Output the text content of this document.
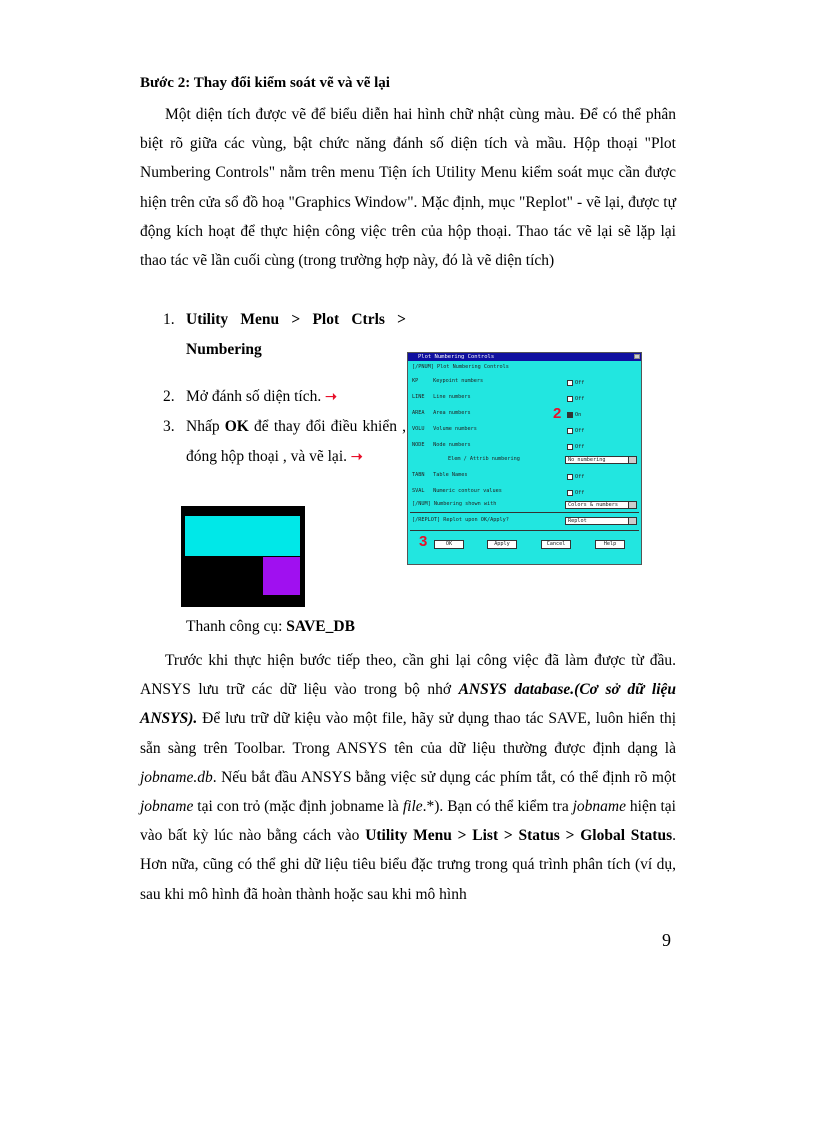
Bước 2: Thay đổi kiểm soát vẽ và vẽ lại

Một diện tích được vẽ để biểu diễn hai hình chữ nhật cùng màu. Để có thể phân biệt rõ giữa các vùng, bật chức năng đánh số diện tích và mầu. Hộp thoại "Plot Numbering Controls" nằm trên menu Tiện ích Utility Menu kiểm soát mục cần được hiện trên cửa sổ đồ hoạ "Graphics Window". Mặc định, mục "Replot" - vẽ lại, được tự động kích hoạt để thực hiện công việc trên của hộp thoại. Thao tác vẽ lại sẽ lặp lại thao tác vẽ lần cuối cùng (trong trường hợp này, đó là vẽ diện tích)

1. Utility Menu > Plot Ctrls > Numbering
2. Mở đánh số diện tích. ➝
3. Nhấp OK để thay đổi điều khiển , đóng hộp thoại , và vẽ lại. ➝
Plot Numbering Controls
[/PNUM] Plot Numbering Controls
KP	Keypoint numbers	Off
LINE Line numbers	Off
AREA Area numbers	On
2
VOLU Volume numbers	Off
NODE Node numbers	Off
Elem / Attrib numbering	No numbering
TABN Table Names	Off
SVAL Numeric contour values	Off
[/NUM] Numbering shown with	Colors & numbers
[/REPLOT] Replot upon OK/Apply?	Replot
3	OK	Apply	Cancel	Help
Thanh công cụ: SAVE_DB

Trước khi thực hiện bước tiếp theo, cần ghi lại công việc đã làm được từ đầu. ANSYS lưu trữ các dữ liệu vào trong bộ nhớ ANSYS database.(Cơ sở dữ liệu ANSYS). Để lưu trữ dữ kiệu vào một file, hãy sử dụng thao tác SAVE, luôn hiển thị sẵn sàng trên Toolbar. Trong ANSYS tên của dữ liệu thường được định dạng là jobname.db. Nếu bắt đầu ANSYS bằng việc sử dụng các phím tắt, có thể định rõ một jobname tại con trỏ (mặc định jobname là file.*). Bạn có thể kiểm tra jobname hiện tại vào bất kỳ lúc nào bằng cách vào Utility Menu > List > Status > Global Status. Hơn nữa, cũng có thể ghi dữ liệu tiêu biểu đặc trưng trong quá trình phân tích (ví dụ, sau khi mô hình đã hoàn thành hoặc sau khi mô hình

9
